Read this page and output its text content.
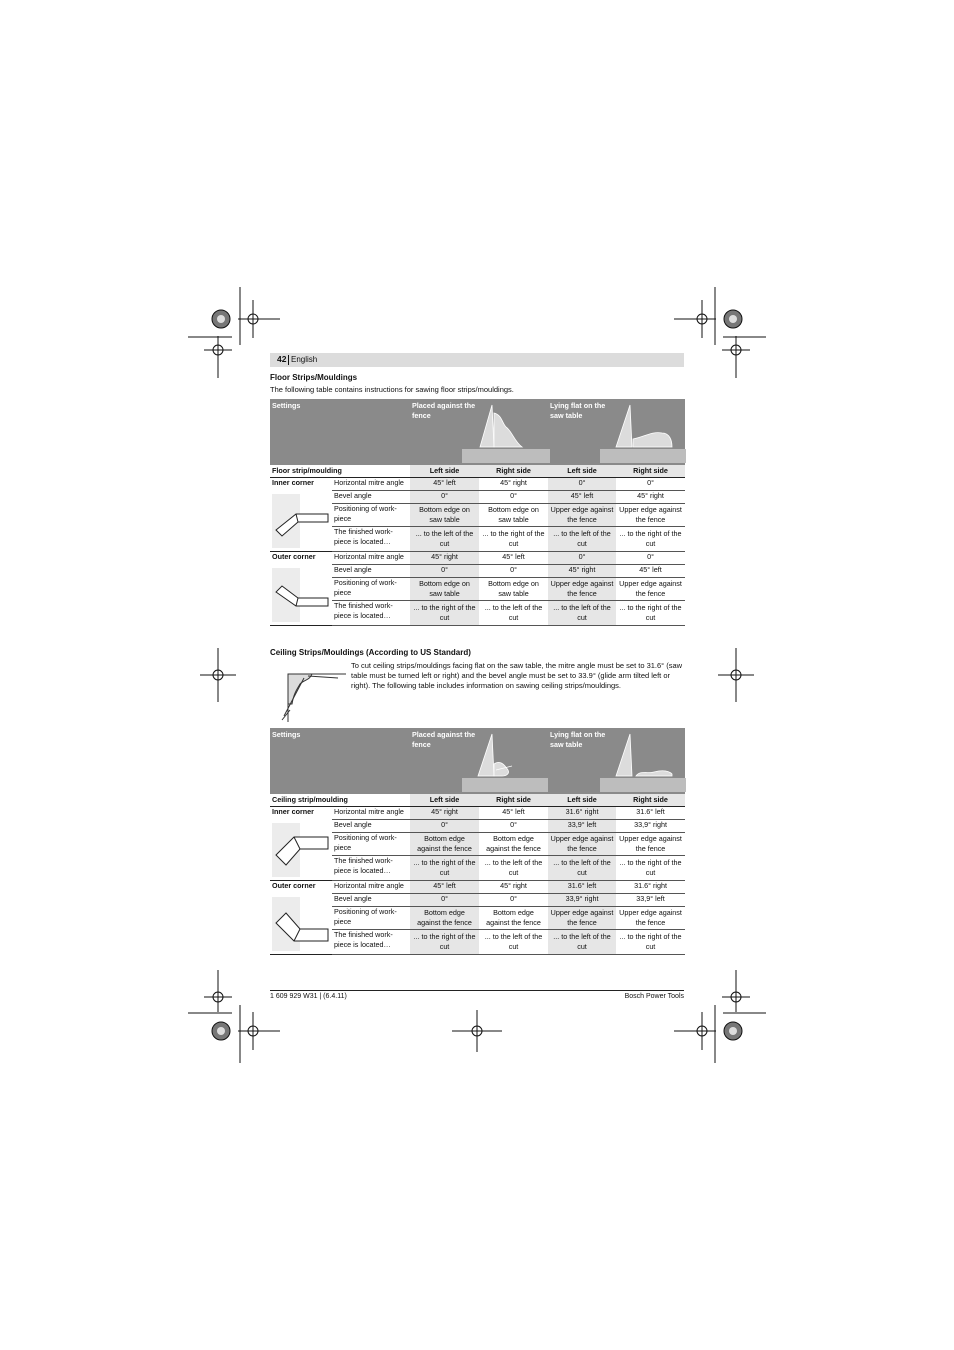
42 English
Floor Strips/Mouldings
The following table contains instructions for sawing floor strips/mouldings.
Settings		Placed against the fence		Lying flat on the saw table	

Floor strip/moulding		Left side	Right side	Left side	Right side

Inner corner	Horizontal mitre angle	45° left	45° right	0°	0°
	Bevel angle	0°	0°	45° left	45° right
	Positioning of work-piece	Bottom edge on saw table	Bottom edge on saw table	Upper edge against the fence	Upper edge against the fence
	The finished work-piece is located…	... to the left of the cut	... to the right of the cut	... to the left of the cut	... to the right of the cut

Outer corner	Horizontal mitre angle	45° right	45° left	0°	0°
	Bevel angle	0°	0°	45° right	45° left
	Positioning of work-piece	Bottom edge on saw table	Bottom edge on saw table	Upper edge against the fence	Upper edge against the fence
	The finished work-piece is located…	... to the right of the cut	... to the left of the cut	... to the left of the cut	... to the right of the cut
Ceiling Strips/Mouldings (According to US Standard)
To cut ceiling strips/mouldings facing flat on the saw table, the mitre angle must be set to 31.6° (saw table must be turned left or right) and the bevel angle must be set to 33.9° (glide arm tilted left or right). The following table includes information on sawing ceiling strips/mouldings.
Settings		Placed against the fence		Lying flat on the saw table	

Ceiling strip/moulding		Left side	Right side	Left side	Right side

Inner corner	Horizontal mitre angle	45° right	45° left	31.6° right	31.6° left
	Bevel angle	0°	0°	33,9° left	33,9° right
	Positioning of work-piece	Bottom edge against the fence	Bottom edge against the fence	Upper edge against the fence	Upper edge against the fence
	The finished work-piece is located…	... to the right of the cut	... to the left of the cut	... to the left of the cut	... to the right of the cut

Outer corner	Horizontal mitre angle	45° left	45° right	31.6° left	31.6° right
	Bevel angle	0°	0°	33,9° right	33,9° left
	Positioning of work-piece	Bottom edge against the fence	Bottom edge against the fence	Upper edge against the fence	Upper edge against the fence
	The finished work-piece is located…	... to the right of the cut	... to the left of the cut	... to the left of the cut	... to the right of the cut
1 609 929 W31 | (6.4.11)	Bosch Power Tools
